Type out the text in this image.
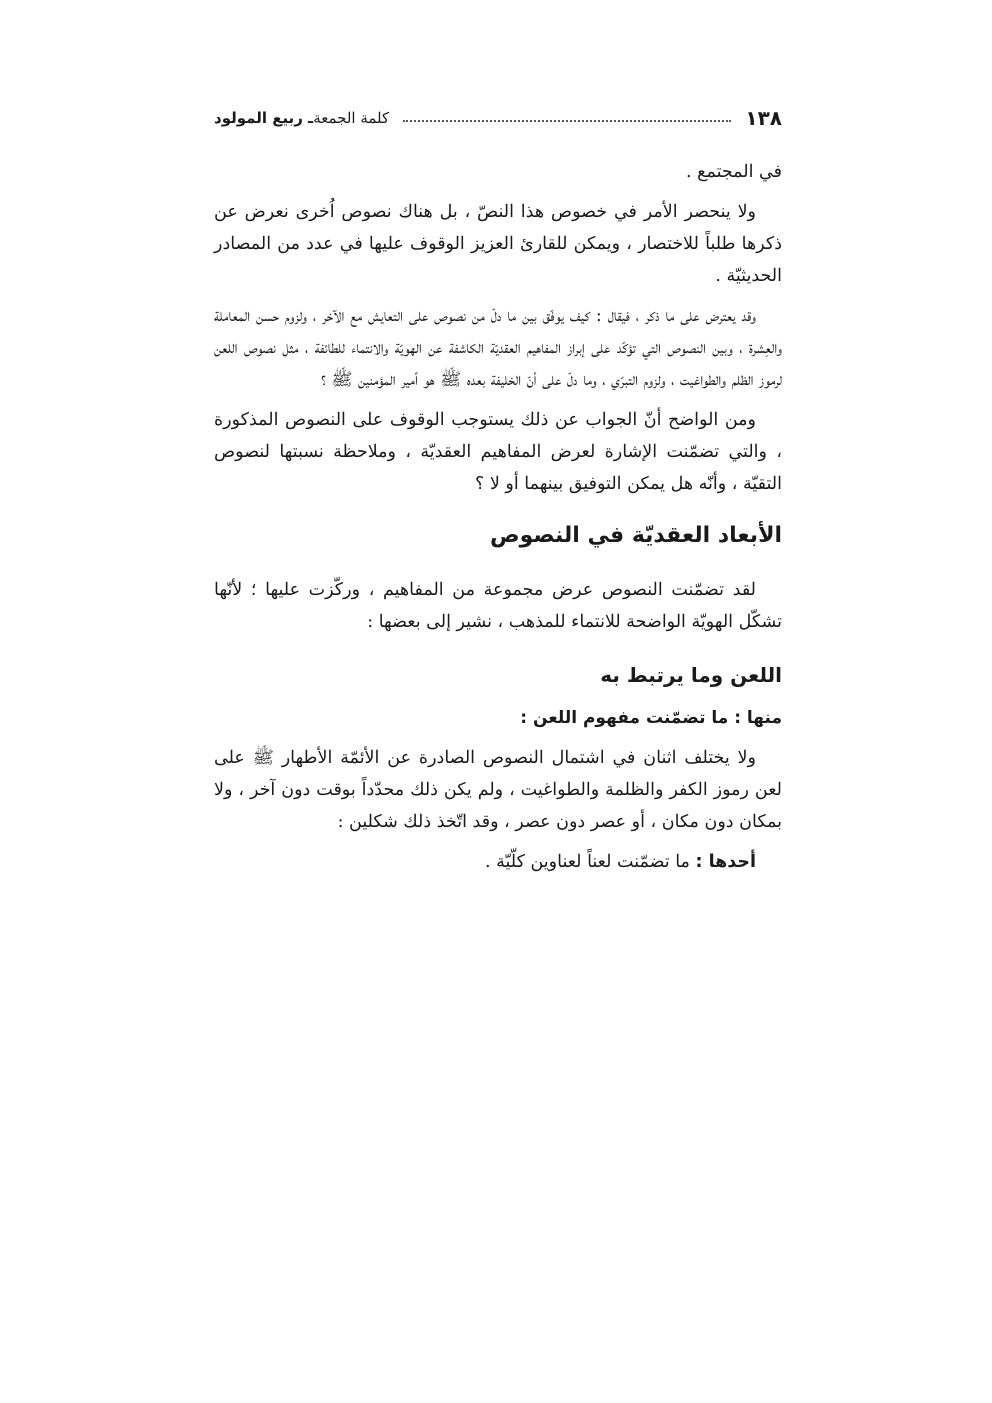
١٣٨
كلمة الجمعةـ ربيع المولود

في المجتمع .

ولا ينحصر الأمر في خصوص هذا النصّ ، بل هناك نصوص اُخرى نعرض عن ذكرها طلباً للاختصار ، ويمكن للقارئ العزيز الوقوف عليها في عدد من المصادر الحديثيّة .

وقد يعترض على ما ذكر ، فيقال : كيف يوفّق بين ما دلّ من نصوص على التعايش مع الآخر ، ولزوم حسن المعاملة والعِشرة ، وبين النصوص التي تؤكّد على إبراز المفاهيم العقديّة الكاشفة عن الهويّة والانتماء للطائفة ، مثل نصوص اللعن لرموز الظلم والطواغيت ، ولزوم التبرّي ، وما دلّ على أنّ الخليفة بعده ﷺ هو أمير المؤمنين ﷺ ؟

ومن الواضح أنّ الجواب عن ذلك يستوجب الوقوف على النصوص المذكورة ، والتي تضمّنت الإشارة لعرض المفاهيم العقديّة ، وملاحظة نسبتها لنصوص التقيّة ، وأنّه هل يمكن التوفيق بينهما أو لا ؟

الأبعاد العقديّة في النصوص

لقد تضمّنت النصوص عرض مجموعة من المفاهيم ، وركّزت عليها ؛ لأنّها تشكّل الهويّة الواضحة للانتماء للمذهب ، نشير إلى بعضها :

اللعن وما يرتبط به

منها : ما تضمّنت مفهوم اللعن :

ولا يختلف اثنان في اشتمال النصوص الصادرة عن الأئمّة الأطهار ﷺ على لعن رموز الكفر والظلمة والطواغيت ، ولم يكن ذلك محدّداً بوقت دون آخر ، ولا بمكان دون مكان ، أو عصر دون عصر ، وقد اتّخذ ذلك شكلين :

أحدها : ما تضمّنت لعناً لعناوين كلّيّة .
